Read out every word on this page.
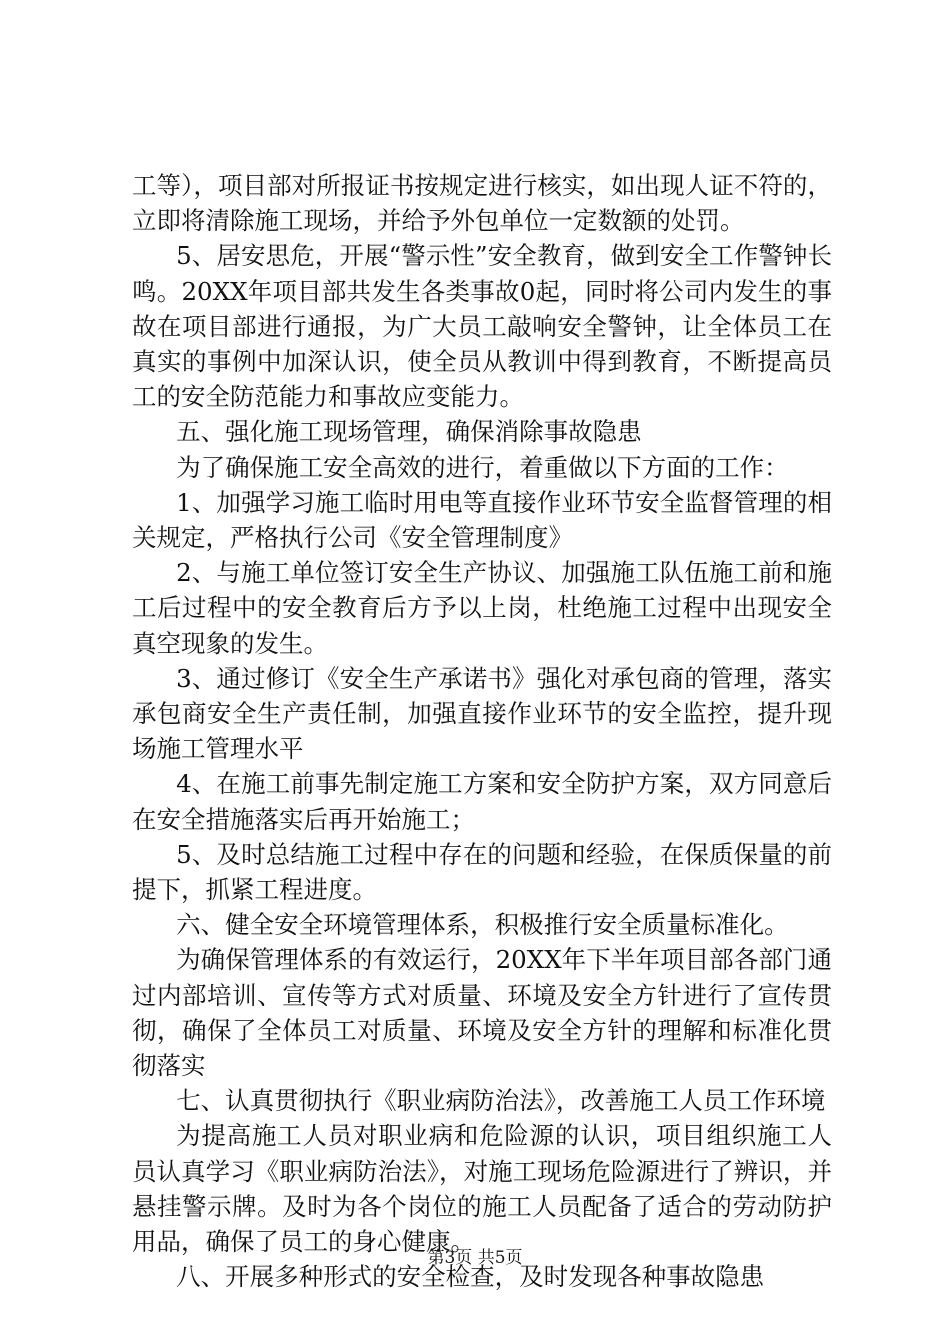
工等），项目部对所报证书按规定进行核实，如出现人证不符的，立即将清除施工现场，并给予外包单位一定数额的处罚。

5、居安思危，开展“警示性”安全教育，做到安全工作警钟长鸣。20XX年项目部共发生各类事故0起，同时将公司内发生的事故在项目部进行通报，为广大员工敲响安全警钟，让全体员工在真实的事例中加深认识，使全员从教训中得到教育，不断提高员工的安全防范能力和事故应变能力。

五、强化施工现场管理，确保消除事故隐患

为了确保施工安全高效的进行，着重做以下方面的工作：

1、加强学习施工临时用电等直接作业环节安全监督管理的相关规定，严格执行公司《安全管理制度》

2、与施工单位签订安全生产协议、加强施工队伍施工前和施工后过程中的安全教育后方予以上岗，杜绝施工过程中出现安全真空现象的发生。

3、通过修订《安全生产承诺书》强化对承包商的管理，落实承包商安全生产责任制，加强直接作业环节的安全监控，提升现场施工管理水平

4、在施工前事先制定施工方案和安全防护方案，双方同意后在安全措施落实后再开始施工；

5、及时总结施工过程中存在的问题和经验，在保质保量的前提下，抓紧工程进度。

六、健全安全环境管理体系，积极推行安全质量标准化。

为确保管理体系的有效运行，20XX年下半年项目部各部门通过内部培训、宣传等方式对质量、环境及安全方针进行了宣传贯彻，确保了全体员工对质量、环境及安全方针的理解和标准化贯彻落实

七、认真贯彻执行《职业病防治法》，改善施工人员工作环境

为提高施工人员对职业病和危险源的认识，项目组织施工人员认真学习《职业病防治法》，对施工现场危险源进行了辨识，并悬挂警示牌。及时为各个岗位的施工人员配备了适合的劳动防护用品，确保了员工的身心健康。

八、开展多种形式的安全检查，及时发现各种事故隐患

第3页 共5页
